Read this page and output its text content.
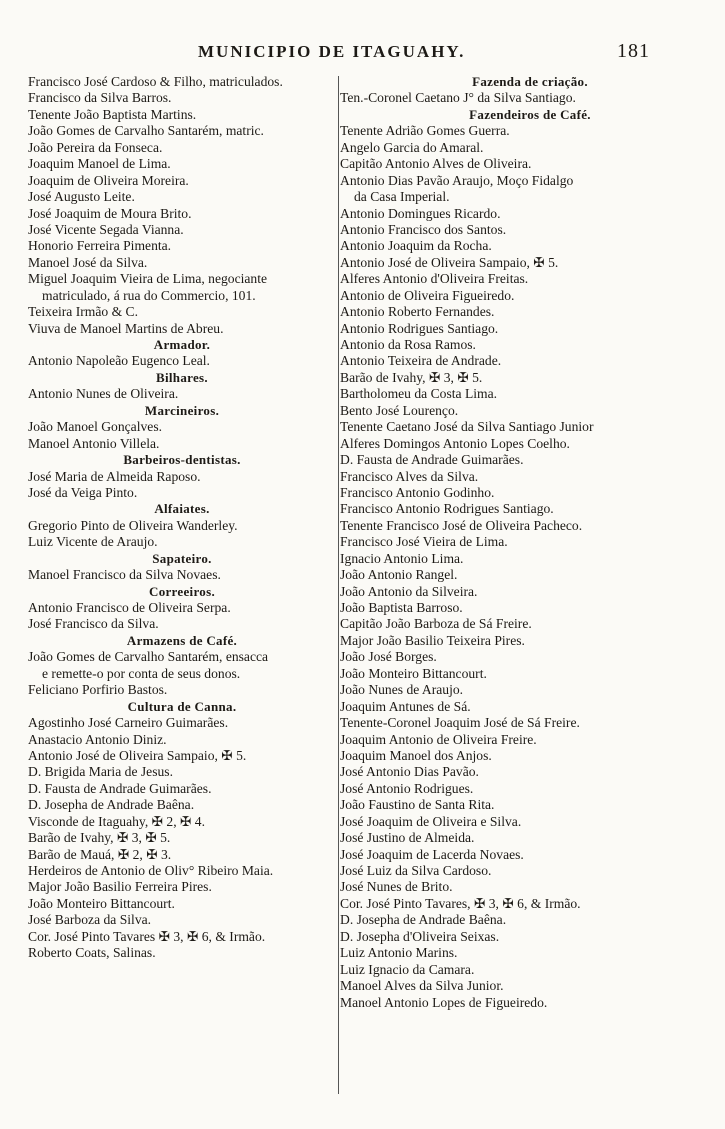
MUNICIPIO DE ITAGUAHY.	181
Francisco José Cardoso & Filho, matriculados.
Francisco da Silva Barros.
Tenente João Baptista Martins.
João Gomes de Carvalho Santarém, matric.
João Pereira da Fonseca.
Joaquim Manoel de Lima.
Joaquim de Oliveira Moreira.
José Augusto Leite.
José Joaquim de Moura Brito.
José Vicente Segada Vianna.
Honorio Ferreira Pimenta.
Manoel José da Silva.
Miguel Joaquim Vieira de Lima, negociante
matriculado, á rua do Commercio, 101.
Teixeira Irmão & C.
Viuva de Manoel Martins de Abreu.
Armador.
Antonio Napoleão Eugenco Leal.
Bilhares.
Antonio Nunes de Oliveira.
Marcineiros.
João Manoel Gonçalves.
Manoel Antonio Villela.
Barbeiros-dentistas.
José Maria de Almeida Raposo.
José da Veiga Pinto.
Alfaiates.
Gregorio Pinto de Oliveira Wanderley.
Luiz Vicente de Araujo.
Sapateiro.
Manoel Francisco da Silva Novaes.
Correeiros.
Antonio Francisco de Oliveira Serpa.
José Francisco da Silva.
Armazens de Café.
João Gomes de Carvalho Santarém, ensacca
e remette-o por conta de seus donos.
Feliciano Porfirio Bastos.
Cultura de Canna.
Agostinho José Carneiro Guimarães.
Anastacio Antonio Diniz.
Antonio José de Oliveira Sampaio, ✠ 5.
D. Brigida Maria de Jesus.
D. Fausta de Andrade Guimarães.
D. Josepha de Andrade Baêna.
Visconde de Itaguahy, ✠ 2, ✠ 4.
Barão de Ivahy, ✠ 3, ✠ 5.
Barão de Mauá, ✠ 2, ✠ 3.
Herdeiros de Antonio de Oliv° Ribeiro Maia.
Major João Basilio Ferreira Pires.
João Monteiro Bittancourt.
José Barboza da Silva.
Cor. José Pinto Tavares ✠ 3, ✠ 6, & Irmão.
Roberto Coats, Salinas.
Fazenda de criação.
Ten.-Coronel Caetano J° da Silva Santiago.
Fazendeiros de Café.
Tenente Adrião Gomes Guerra.
Angelo Garcia do Amaral.
Capitão Antonio Alves de Oliveira.
Antonio Dias Pavão Araujo, Moço Fidalgo
da Casa Imperial.
Antonio Domingues Ricardo.
Antonio Francisco dos Santos.
Antonio Joaquim da Rocha.
Antonio José de Oliveira Sampaio, ✠ 5.
Alferes Antonio d'Oliveira Freitas.
Antonio de Oliveira Figueiredo.
Antonio Roberto Fernandes.
Antonio Rodrigues Santiago.
Antonio da Rosa Ramos.
Antonio Teixeira de Andrade.
Barão de Ivahy, ✠ 3, ✠ 5.
Bartholomeu da Costa Lima.
Bento José Lourenço.
Tenente Caetano José da Silva Santiago Junior
Alferes Domingos Antonio Lopes Coelho.
D. Fausta de Andrade Guimarães.
Francisco Alves da Silva.
Francisco Antonio Godinho.
Francisco Antonio Rodrigues Santiago.
Tenente Francisco José de Oliveira Pacheco.
Francisco José Vieira de Lima.
Ignacio Antonio Lima.
João Antonio Rangel.
João Antonio da Silveira.
João Baptista Barroso.
Capitão João Barboza de Sá Freire.
Major João Basilio Teixeira Pires.
João José Borges.
João Monteiro Bittancourt.
João Nunes de Araujo.
Joaquim Antunes de Sá.
Tenente-Coronel Joaquim José de Sá Freire.
Joaquim Antonio de Oliveira Freire.
Joaquim Manoel dos Anjos.
José Antonio Dias Pavão.
José Antonio Rodrigues.
João Faustino de Santa Rita.
José Joaquim de Oliveira e Silva.
José Justino de Almeida.
José Joaquim de Lacerda Novaes.
José Luiz da Silva Cardoso.
José Nunes de Brito.
Cor. José Pinto Tavares, ✠ 3, ✠ 6, & Irmão.
D. Josepha de Andrade Baêna.
D. Josepha d'Oliveira Seixas.
Luiz Antonio Marins.
Luiz Ignacio da Camara.
Manoel Alves da Silva Junior.
Manoel Antonio Lopes de Figueiredo.
